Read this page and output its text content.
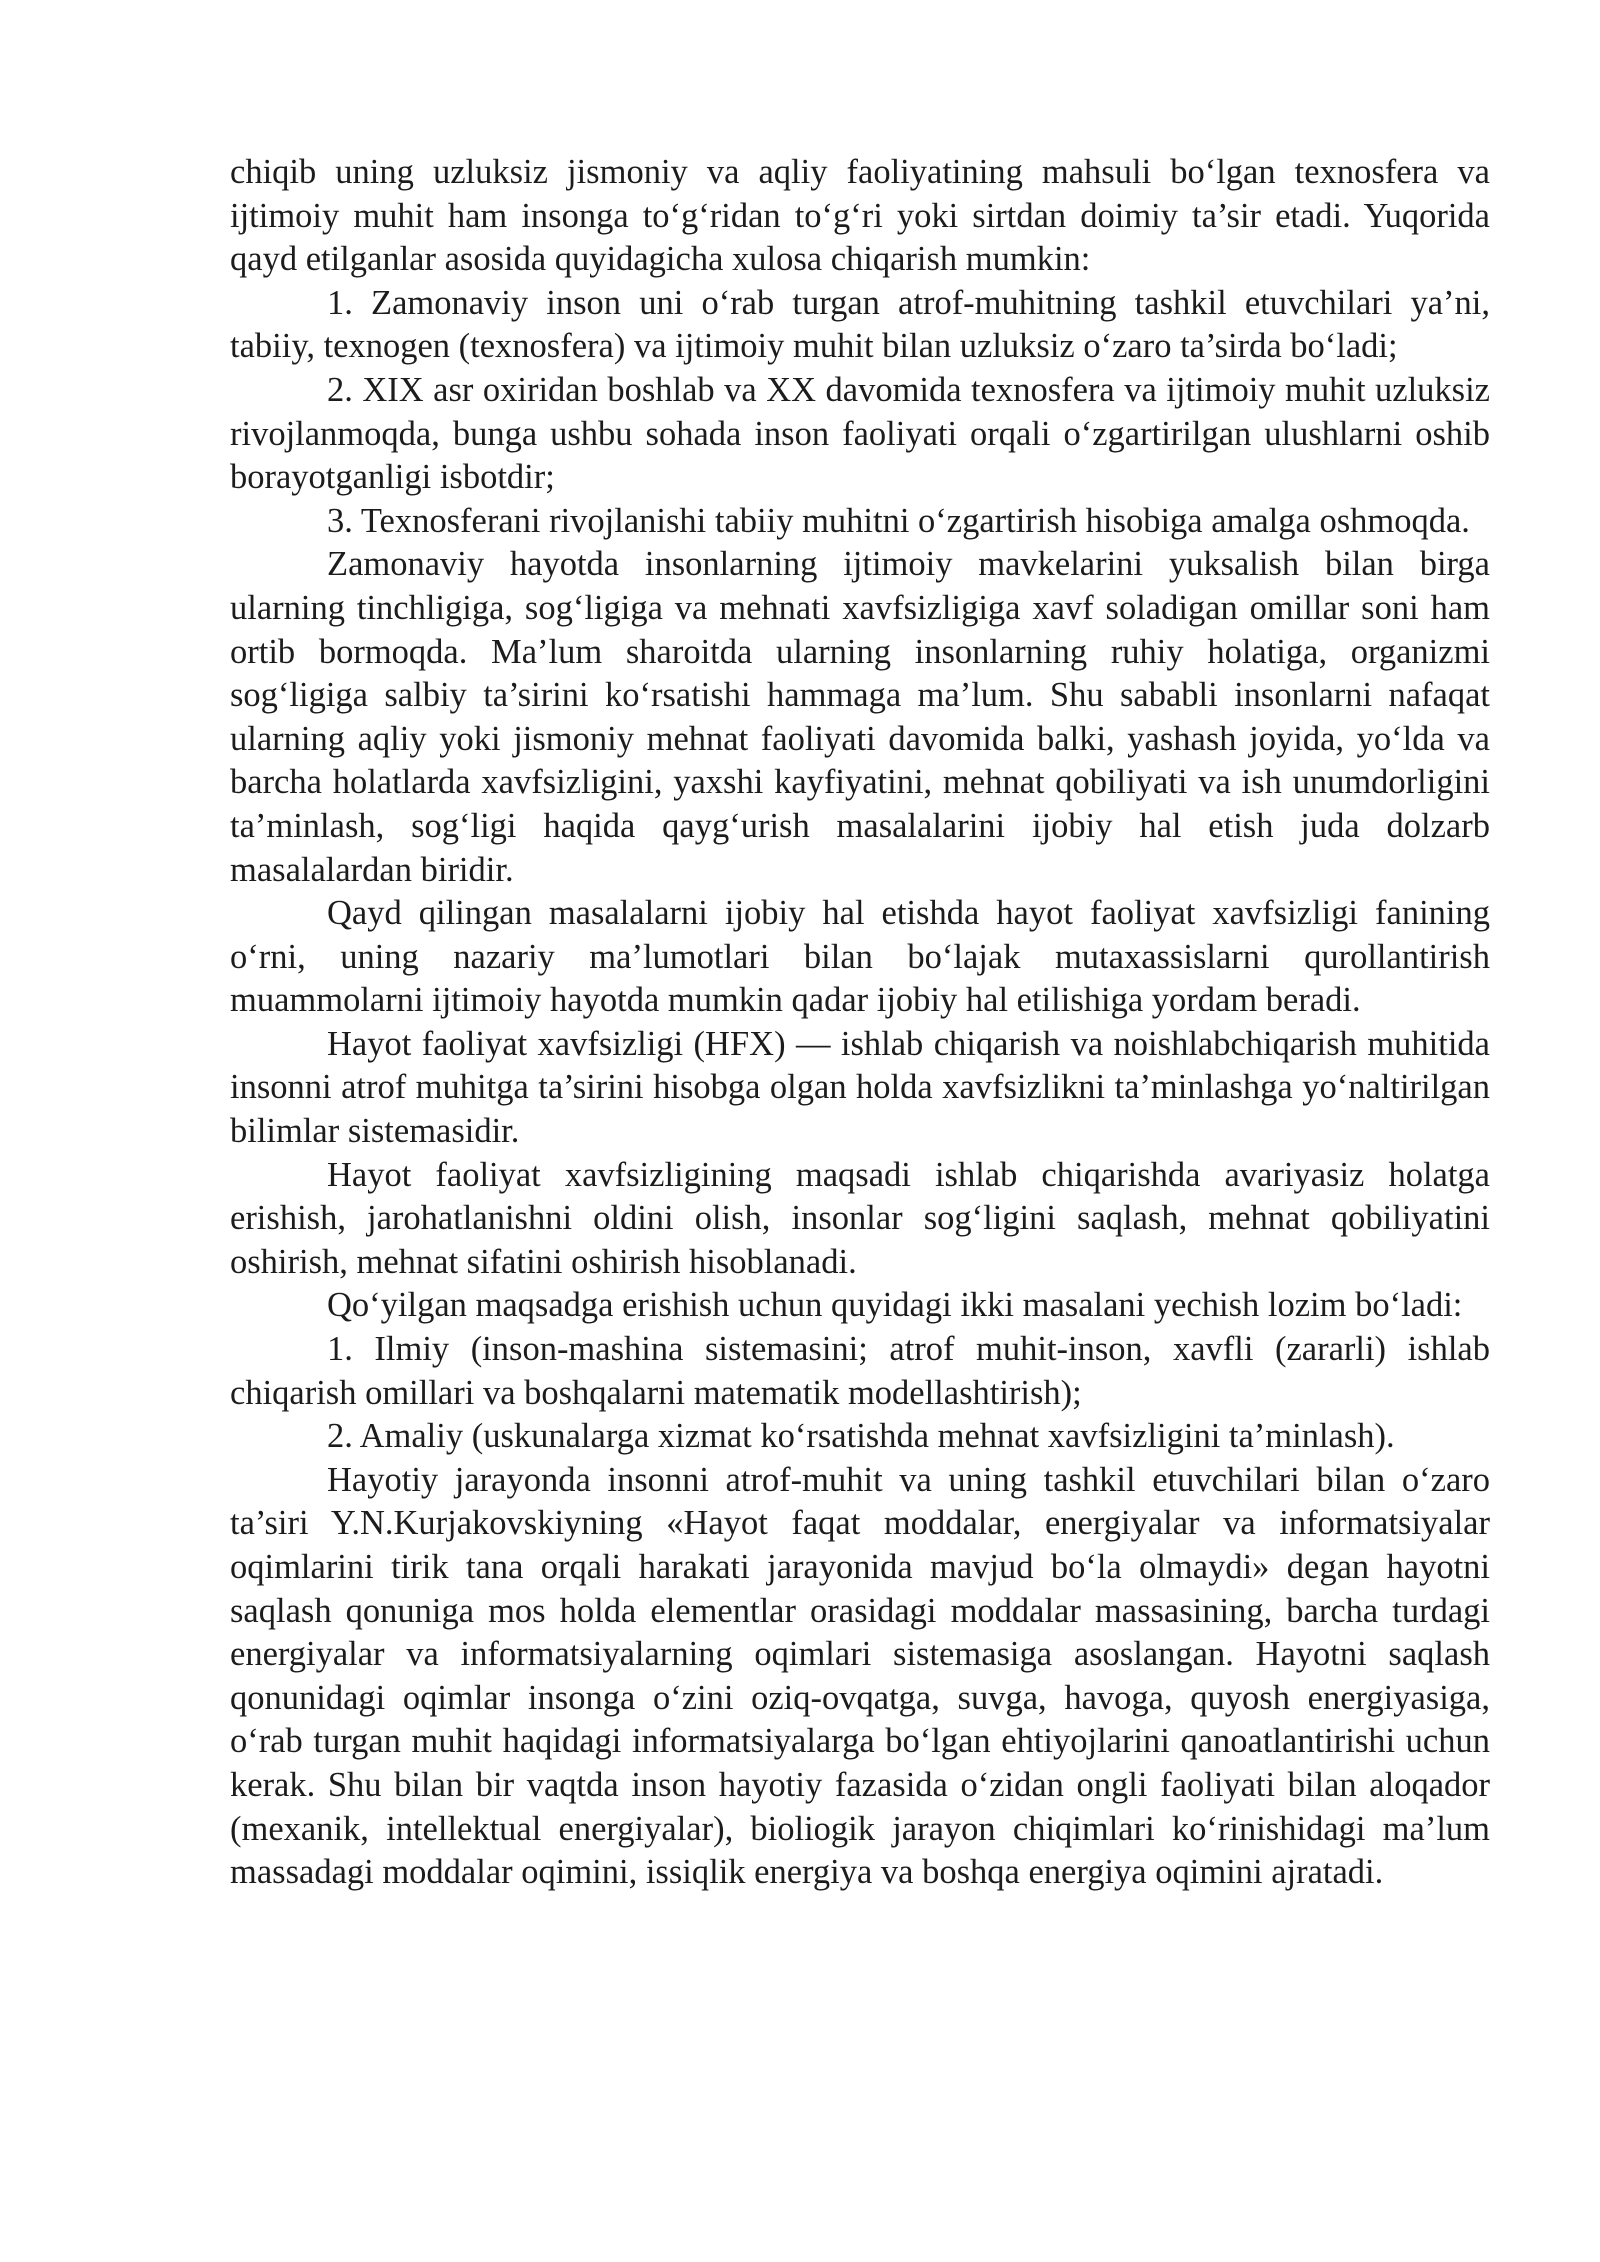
chiqib uning uzluksiz jismoniy va aqliy faoliyatining mahsuli bo‘lgan texnosfera va ijtimoiy muhit ham insonga to‘g‘ridan to‘g‘ri yoki sirtdan doimiy ta’sir etadi. Yuqorida qayd etilganlar asosida quyidagicha xulosa chiqarish mumkin:

1. Zamonaviy inson uni o‘rab turgan atrof-muhitning tashkil etuvchilari ya’ni, tabiiy, texnogen (texnosfera) va ijtimoiy muhit bilan uzluksiz o‘zaro ta’sirda bo‘ladi;

2. XIX asr oxiridan boshlab va XX davomida texnosfera va ijtimoiy muhit uzluksiz rivojlanmoqda, bunga ushbu sohada inson faoliyati orqali o‘zgartirilgan ulushlarni oshib borayotganligi isbotdir;

3. Texnosferani rivojlanishi tabiiy muhitni o‘zgartirish hisobiga amalga oshmoqda.

Zamonaviy hayotda insonlarning ijtimoiy mavkelarini yuksalish bilan birga ularning tinchligiga, sog‘ligiga va mehnati xavfsizligiga xavf soladigan omillar soni ham ortib bormoqda. Ma’lum sharoitda ularning insonlarning ruhiy holatiga, organizmi sog‘ligiga salbiy ta’sirini ko‘rsatishi hammaga ma’lum. Shu sababli insonlarni nafaqat ularning aqliy yoki jismoniy mehnat faoliyati davomida balki, yashash joyida, yo‘lda va barcha holatlarda xavfsizligini, yaxshi kayfiyatini, mehnat qobiliyati va ish unumdorligini ta’minlash, sog‘ligi haqida qayg‘urish masalalarini ijobiy hal etish juda dolzarb masalalardan biridir.

Qayd qilingan masalalarni ijobiy hal etishda hayot faoliyat xavfsizligi fanining o‘rni, uning nazariy ma’lumotlari bilan bo‘lajak mutaxassislarni qurollantirish muammolarni ijtimoiy hayotda mumkin qadar ijobiy hal etilishiga yordam beradi.

Hayot faoliyat xavfsizligi (HFX) — ishlab chiqarish va noishlabchiqarish muhitida insonni atrof muhitga ta’sirini hisobga olgan holda xavfsizlikni ta’minlashga yo‘naltirilgan bilimlar sistemasidir.

Hayot faoliyat xavfsizligining maqsadi ishlab chiqarishda avariyasiz holatga erishish, jarohatlanishni oldini olish, insonlar sog‘ligini saqlash, mehnat qobiliyatini oshirish, mehnat sifatini oshirish hisoblanadi.

Qo‘yilgan maqsadga erishish uchun quyidagi ikki masalani yechish lozim bo‘ladi:

1. Ilmiy (inson-mashina sistemasini; atrof muhit-inson, xavfli (zararli) ishlab chiqarish omillari va boshqalarni matematik modellashtirish);

2. Amaliy (uskunalarga xizmat ko‘rsatishda mehnat xavfsizligini ta’minlash).

Hayotiy jarayonda insonni atrof-muhit va uning tashkil etuvchilari bilan o‘zaro ta’siri Y.N.Kurjakovskiyning «Hayot faqat moddalar, energiyalar va informatsiyalar oqimlarini tirik tana orqali harakati jarayonida mavjud bo‘la olmaydi» degan hayotni saqlash qonuniga mos holda elementlar orasidagi moddalar massasining, barcha turdagi energiyalar va informatsiyalarning oqimlari sistemasiga asoslangan. Hayotni saqlash qonunidagi oqimlar insonga o‘zini oziq-ovqatga, suvga, havoga, quyosh energiyasiga, o‘rab turgan muhit haqidagi informatsiyalarga bo‘lgan ehtiyojlarini qanoatlantirishi uchun kerak. Shu bilan bir vaqtda inson hayotiy fazasida o‘zidan ongli faoliyati bilan aloqador (mexanik, intellektual energiyalar), bioliogik jarayon chiqimlari ko‘rinishidagi ma’lum massadagi moddalar oqimini, issiqlik energiya va boshqa energiya oqimini ajratadi.
